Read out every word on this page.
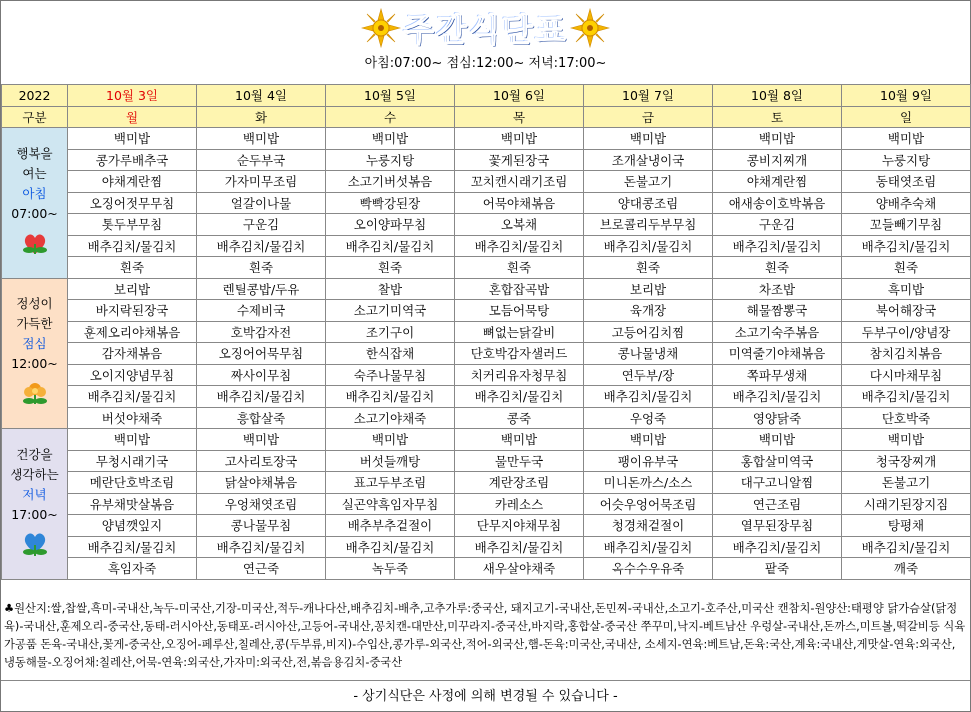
주간식단표
아침:07:00~ 점심:12:00~ 저녁:17:00~
2022	10월 3일	10월 4일	10월 5일	10월 6일	10월 7일	10월 8일	10월 9일
구분	월	화	수	목	금	토	일

행복을
여는
아침
07:00~	백미밥	백미밥	백미밥	백미밥	백미밥	백미밥	백미밥
	콩가루배추국	순두부국	누룽지탕	꽃게된장국	조개살냉이국	콩비지찌개	누룽지탕
	야채계란찜	가자미무조림	소고기버섯볶음	꼬치캔시래기조림	돈불고기	야채계란찜	동태엿조림
	오징어젓무무침	얼갈이나물	빡빡강된장	어묵야채볶음	양대콩조림	애새송이호박볶음	양배추숙채
	톳두부무침	구운김	오이양파무침	오복채	브로콜리두부무침	구운김	꼬들빼기무침
	배추김치/물김치	배추김치/물김치	배추김치/물김치	배추김치/물김치	배추김치/물김치	배추김치/물김치	배추김치/물김치
	흰죽	흰죽	흰죽	흰죽	흰죽	흰죽	흰죽

정성이
가득한
점심
12:00~	보리밥	렌틸콩밥/두유	찰밥	혼합잡곡밥	보리밥	차조밥	흑미밥
	바지락된장국	수제비국	소고기미역국	모듬어묵탕	육개장	해물짬뽕국	북어해장국
	훈제오리야채볶음	호박감자전	조기구이	뼈없는닭갈비	고등어김치찜	소고기숙주볶음	두부구이/양념장
	감자채볶음	오징어어묵무침	한식잡채	단호박감자샐러드	콩나물냉채	미역줄기야채볶음	참치김치볶음
	오이지양념무침	짜사이무침	숙주나물무침	치커리유자청무침	연두부/장	쪽파무생채	다시마채무침
	배추김치/물김치	배추김치/물김치	배추김치/물김치	배추김치/물김치	배추김치/물김치	배추김치/물김치	배추김치/물김치
	버섯야채죽	흥합살죽	소고기야채죽	콩죽	우엉죽	영양닭죽	단호박죽

건강을
생각하는
저녁
17:00~	백미밥	백미밥	백미밥	백미밥	백미밥	백미밥	백미밥
	무청시래기국	고사리토장국	버섯들깨탕	물만두국	팽이유부국	홍합살미역국	청국장찌개
	메란단호박조림	닭살야채볶음	표고두부조림	계란장조림	미니돈까스/소스	대구고니알찜	돈불고기
	유부채맛살볶음	우엉채엿조림	실곤약흑임자무침	카레소스	어슷우엉어묵조림	연근조림	시래기된장지짐
	양념깻잎지	콩나물무침	배추부추겉절이	단무지야채무침	청경채겉절이	열무된장무침	탕평채
	배추김치/물김치	배추김치/물김치	배추김치/물김치	배추김치/물김치	배추김치/물김치	배추김치/물김치	배추김치/물김치
	흑임자죽	연근죽	녹두죽	새우살야채죽	옥수수우유죽	팥죽	깨죽
♣원산지:쌀,찹쌀,흑미-국내산,녹두-미국산,기장-미국산,적두-캐나다산,배추김치-배추,고추가루:중국산, 돼지고기-국내산,돈민찌-국내산,소고기-호주산,미국산 캔참치-원양산:태평양 닭가슴살(닭정육)-국내산,훈제오리-중국산,동태-러시아산,동태포-러시아산,고등어-국내산,꽁치캔-대만산,미꾸라지-중국산,바지락,홍합살-중국산 쭈꾸미,낙지-베트남산 우렁살-국내산,돈까스,미트볼,떡갈비등 식육가공품 돈육-국내산,꽃게-중국산,오징어-페루산,칠레산,콩(두부류,비지)-수입산,콩가루-외국산,적어-외국산,햄-돈육:미국산,국내산, 소세지-연육:베트남,돈육:국산,계육:국내산,게맛살-연육:외국산,냉동해물-오징어채:칠레산,어묵-연육:외국산,가자미:외국산,전,볶음용김치-중국산
- 상기식단은 사정에 의해 변경될 수 있습니다 -
